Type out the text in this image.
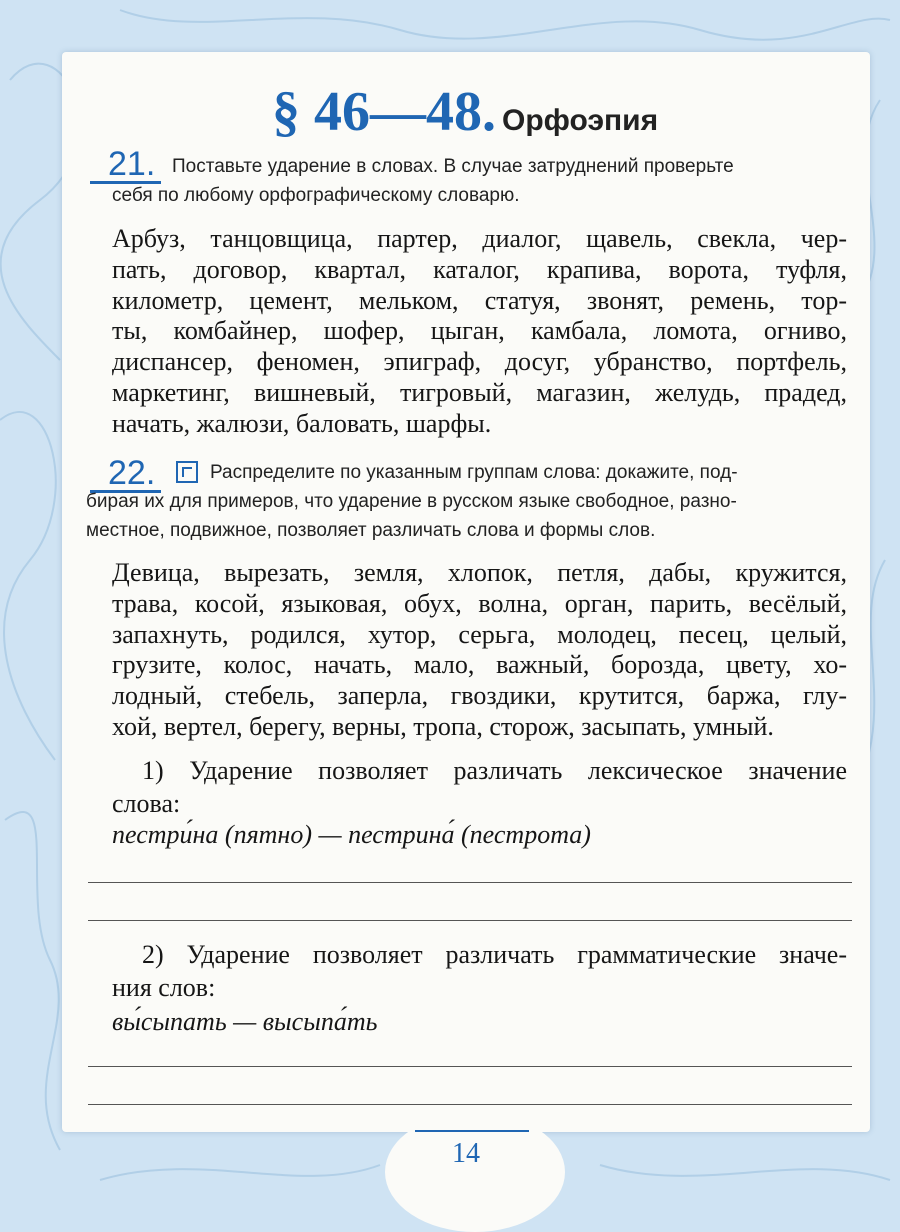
§ 46—48. Орфоэпия
21. Поставьте ударение в словах. В случае затруднений проверьте
себя по любому орфографическому словарю.
Арбуз, танцовщица, партер, диалог, щавель, свекла, чер-
пать, договор, квартал, каталог, крапива, ворота, туфля,
километр, цемент, мельком, статуя, звонят, ремень, тор-
ты, комбайнер, шофер, цыган, камбала, ломота, огниво,
диспансер, феномен, эпиграф, досуг, убранство, портфель,
маркетинг, вишневый, тигровый, магазин, желудь, прадед,
начать, жалюзи, баловать, шарфы.
22.	Распределите по указанным группам слова: докажите, под-
бирая их для примеров, что ударение в русском языке свободное, разно-
местное, подвижное, позволяет различать слова и формы слов.
Девица, вырезать, земля, хлопок, петля, дабы, кружится,
трава, косой, языковая, обух, волна, орган, парить, весёлый,
запахнуть, родился, хутор, серьга, молодец, песец, целый,
грузите, колос, начать, мало, важный, борозда, цвету, хо-
лодный, стебель, заперла, гвоздики, крутится, баржа, глу-
хой, вертел, берегу, верны, тропа, сторож, засыпать, умный.
1) Ударение позволяет различать лексическое значение
слова:
пестри́на (пятно) — пестрина́ (пестрота)
2) Ударение позволяет различать грамматические значе-
ния слов:
вы́сыпать — высыпа́ть
14
